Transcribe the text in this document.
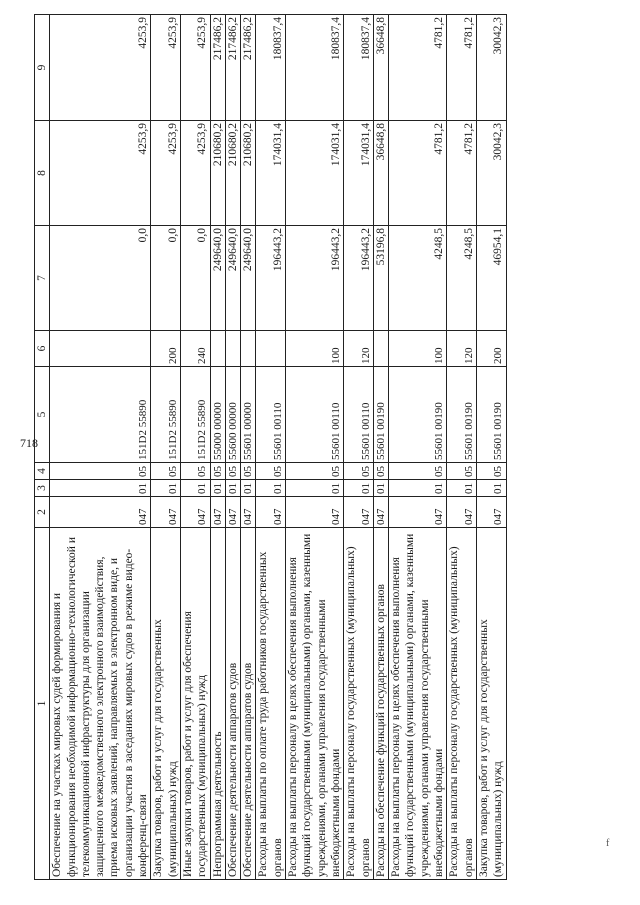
718
1	2	3	4	5	6	7	8	9
Обеспечение на участках мировых судей формирования и функционирования необходимой информационно-технологической и телекоммуникационной инфраструктуры для организации защищенного межведомственного электронного взаимодействия, приема исковых заявлений, направляемых в электронном виде, и организации участия в заседаниях мировых судов в режиме видео-конференц-связи	047	01	05	151D2 55890		0,0	4253,9	4253,9
Закупка товаров, работ и услуг для государственных (муниципальных) нужд	047	01	05	151D2 55890	200	0,0	4253,9	4253,9
Иные закупки товаров, работ и услуг для обеспечения государственных (муниципальных) нужд	047	01	05	151D2 55890	240	0,0	4253,9	4253,9
Непрограммная деятельность	047	01	05	55000 00000		249640,0	210680,2	217486,2
Обеспечение деятельности аппаратов судов	047	01	05	55600 00000		249640,0	210680,2	217486,2
Обеспечение деятельности аппаратов судов	047	01	05	55601 00000		249640,0	210680,2	217486,2
Расходы на выплаты по оплате труда работников государственных органов	047	01	05	55601 00110		196443,2	174031,4	180837,4
Расходы на выплаты персоналу в целях обеспечения выполнения функций государственными (муниципальными) органами, казенными учреждениями, органами управления государственными внебюджетными фондами	047	01	05	55601 00110	100	196443,2	174031,4	180837,4
Расходы на выплаты персоналу государственных (муниципальных) органов	047	01	05	55601 00110	120	196443,2	174031,4	180837,4
Расходы на обеспечение функций государственных органов	047	01	05	55601 00190		53196,8	36648,8	36648,8
Расходы на выплаты персоналу в целях обеспечения выполнения функций государственными (муниципальными) органами, казенными учреждениями, органами управления государственными внебюджетными фондами	047	01	05	55601 00190	100	4248,5	4781,2	4781,2
Расходы на выплаты персоналу государственных (муниципальных) органов	047	01	05	55601 00190	120	4248,5	4781,2	4781,2
Закупка товаров, работ и услуг для государственных (муниципальных) нужд	047	01	05	55601 00190	200	46954,1	30042,3	30042,3
f
